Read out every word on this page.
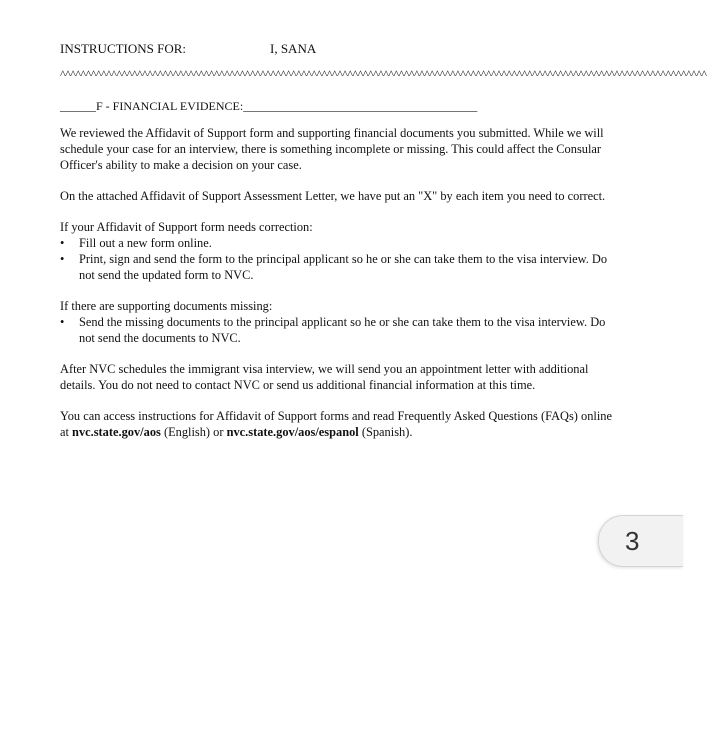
INSTRUCTIONS FOR:	I, SANA
^^^^^^^^^^^^^^^^^^^^^^^^^^^^^^^^^^^^^^^^^^^^^^^^^^^^^^^^^^^^^^^^^^^^^^^^^^^^^^^^^^^^^^^^^^^^^^^^^^^^^^^^^^^^^^^^^^^^^^^^^^^^^^
______F - FINANCIAL EVIDENCE:_______________________________________

We reviewed the Affidavit of Support form and supporting financial documents you submitted. While we will schedule your case for an interview, there is something incomplete or missing. This could affect the Consular Officer's ability to make a decision on your case.

On the attached Affidavit of Support Assessment Letter, we have put an "X" by each item you need to correct.

If your Affidavit of Support form needs correction:

• Fill out a new form online.
• Print, sign and send the form to the principal applicant so he or she can take them to the visa interview. Do not send the updated form to NVC.

If there are supporting documents missing:

• Send the missing documents to the principal applicant so he or she can take them to the visa interview. Do not send the documents to NVC.

After NVC schedules the immigrant visa interview, we will send you an appointment letter with additional details. You do not need to contact NVC or send us additional financial information at this time.

You can access instructions for Affidavit of Support forms and read Frequently Asked Questions (FAQs) online at nvc.state.gov/aos (English) or nvc.state.gov/aos/espanol (Spanish).

3
